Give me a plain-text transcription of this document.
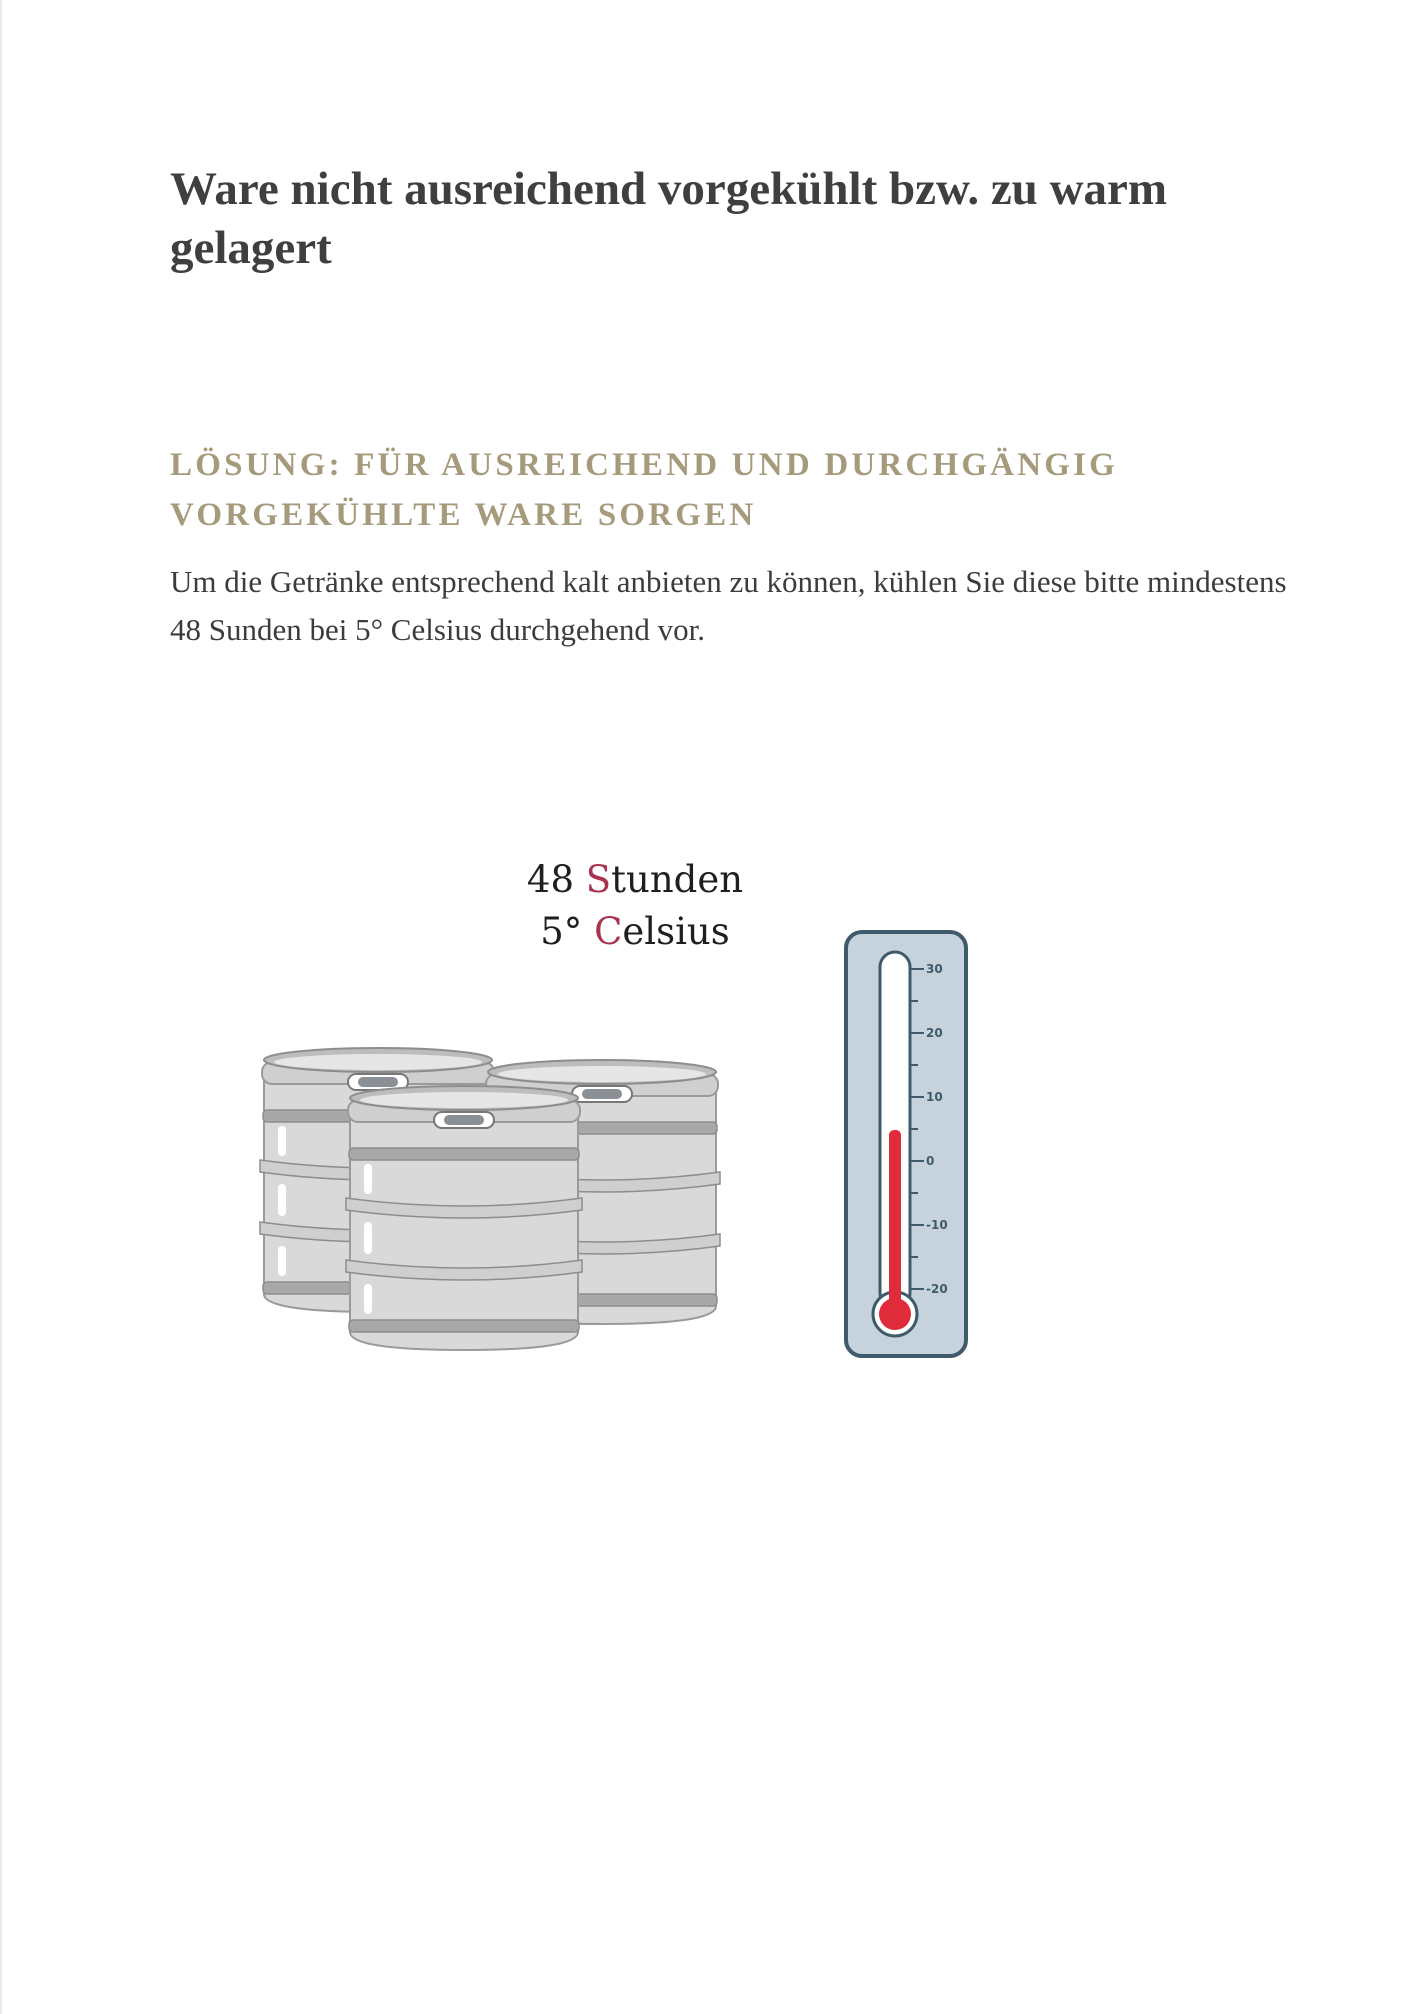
Ware nicht ausreichend vorgekühlt bzw. zu warm gelagert
LÖSUNG: FÜR AUSREICHEND UND DURCHGÄNGIG VORGEKÜHLTE WARE SORGEN

Um die Getränke entsprechend kalt anbieten zu können, kühlen Sie diese bitte mindestens 48 Sunden bei 5° Celsius durchgehend vor.

48 Stunden
5° Celsius
30
20
10
0
-10
-20
